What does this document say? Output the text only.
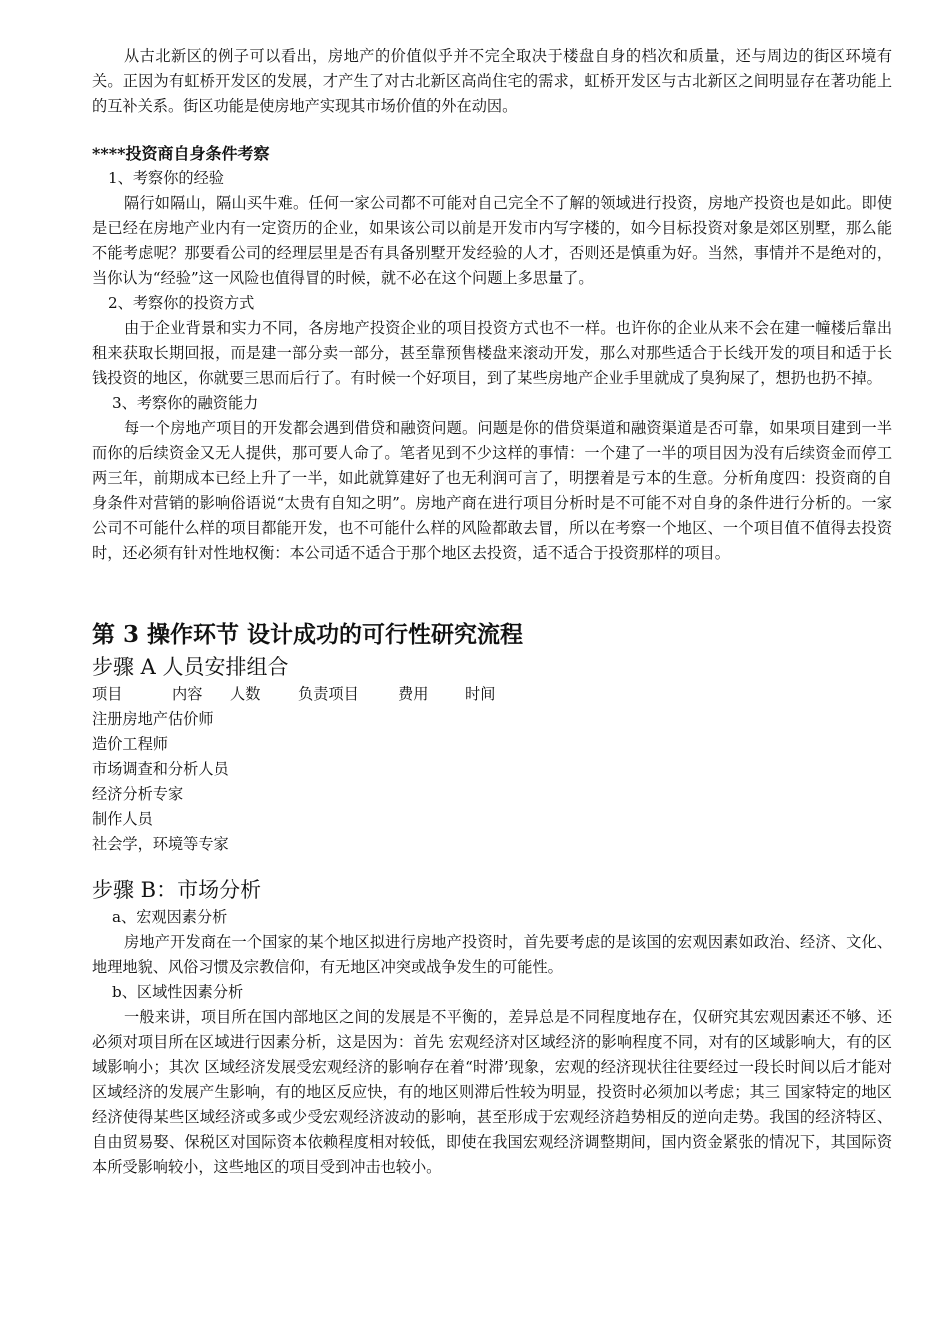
从古北新区的例子可以看出，房地产的价值似乎并不完全取决于楼盘自身的档次和质量，还与周边的街区环境有关。正因为有虹桥开发区的发展，才产生了对古北新区高尚住宅的需求，虹桥开发区与古北新区之间明显存在著功能上的互补关系。街区功能是使房地产实现其市场价值的外在动因。

****投资商自身条件考察

1、考察你的经验

隔行如隔山，隔山买牛难。任何一家公司都不可能对自己完全不了解的领域进行投资，房地产投资也是如此。即使是已经在房地产业内有一定资历的企业，如果该公司以前是开发市内写字楼的，如今目标投资对象是郊区别墅，那么能不能考虑呢？那要看公司的经理层里是否有具备别墅开发经验的人才，否则还是慎重为好。当然，事情并不是绝对的，当你认为“经验”这一风险也值得冒的时候，就不必在这个问题上多思量了。

2、考察你的投资方式

由于企业背景和实力不同，各房地产投资企业的项目投资方式也不一样。也许你的企业从来不会在建一幢楼后靠出租来获取长期回报，而是建一部分卖一部分，甚至靠预售楼盘来滚动开发，那么对那些适合于长线开发的项目和适于长钱投资的地区，你就要三思而后行了。有时候一个好项目，到了某些房地产企业手里就成了臭狗屎了，想扔也扔不掉。

3、考察你的融资能力

每一个房地产项目的开发都会遇到借贷和融资问题。问题是你的借贷渠道和融资渠道是否可靠，如果项目建到一半而你的后续资金又无人提供，那可要人命了。笔者见到不少这样的事情：一个建了一半的项目因为没有后续资金而停工两三年，前期成本已经上升了一半，如此就算建好了也无利润可言了，明摆着是亏本的生意。分析角度四：投资商的自身条件对营销的影响俗语说“太贵有自知之明”。房地产商在进行项目分析时是不可能不对自身的条件进行分析的。一家公司不可能什么样的项目都能开发，也不可能什么样的风险都敢去冒，所以在考察一个地区、一个项目值不值得去投资时，还必须有针对性地权衡：本公司适不适合于那个地区去投资，适不适合于投资那样的项目。

第 3 操作环节 设计成功的可行性研究流程

步骤 A 人员安排组合

项目	内容	人数	负责项目	费用	时间

注册房地产估价师

造价工程师

市场调查和分析人员

经济分析专家

制作人员

社会学，环境等专家

步骤 B：市场分析

a、宏观因素分析

房地产开发商在一个国家的某个地区拟进行房地产投资时，首先要考虑的是该国的宏观因素如政治、经济、文化、地理地貌、风俗习惯及宗教信仰，有无地区冲突或战争发生的可能性。

b、区域性因素分析

一般来讲，项目所在国内部地区之间的发展是不平衡的，差异总是不同程度地存在，仅研究其宏观因素还不够、还必须对项目所在区域进行因素分析，这是因为：首先 宏观经济对区域经济的影响程度不同，对有的区域影响大，有的区域影响小；其次 区域经济发展受宏观经济的影响存在着“时滞’现象，宏观的经济现状往往要经过一段长时间以后才能对区域经济的发展产生影响，有的地区反应快，有的地区则滞后性较为明显，投资时必须加以考虑；其三 国家特定的地区经济使得某些区域经济或多或少受宏观经济波动的影响，甚至形成于宏观经济趋势相反的逆向走势。我国的经济特区、自由贸易娶、保税区对国际资本依赖程度相对较低，即使在我国宏观经济调整期间，国内资金紧张的情况下，其国际资本所受影响较小，这些地区的项目受到冲击也较小。
